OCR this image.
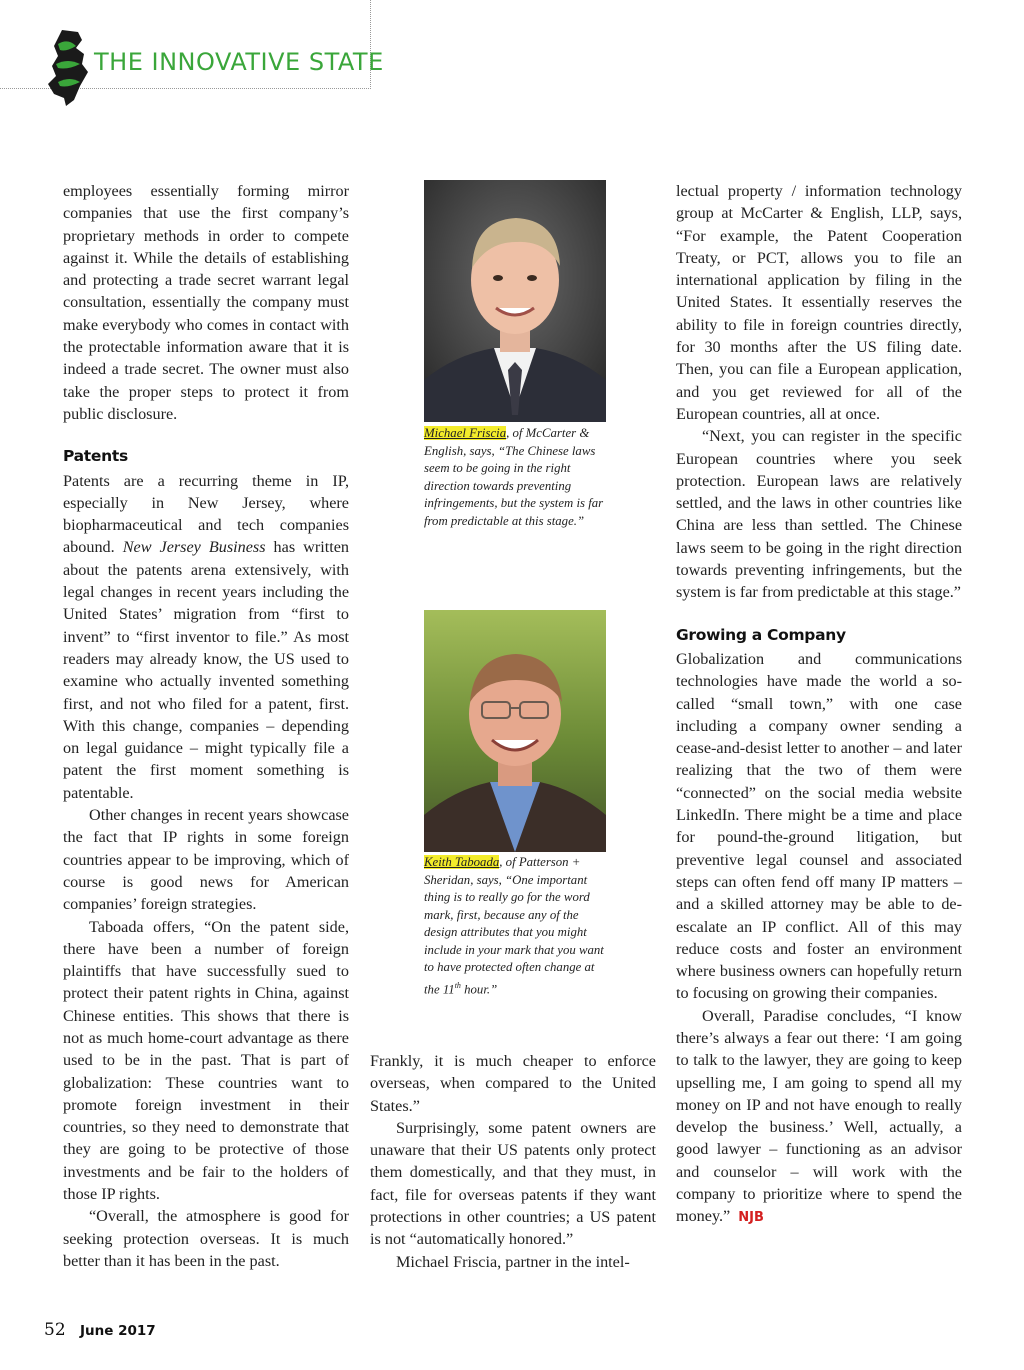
THE INNOVATIVE STATE

employees essentially forming mirror companies that use the first company’s proprietary methods in order to compete against it. While the details of establishing and protecting a trade secret warrant legal consultation, essentially the company must make everybody who comes in contact with the protectable information aware that it is indeed a trade secret. The owner must also take the proper steps to protect it from public disclosure.

Patents

Patents are a recurring theme in IP, especially in New Jersey, where biopharmaceutical and tech companies abound. New Jersey Business has written about the patents arena extensively, with legal changes in recent years including the United States’ migration from “first to invent” to “first inventor to file.” As most readers may already know, the US used to examine who actually invented something first, and not who filed for a patent, first. With this change, companies – depending on legal guidance – might typically file a patent the first moment something is patentable.

Other changes in recent years showcase the fact that IP rights in some foreign countries appear to be improving, which of course is good news for American companies’ foreign strategies.

Taboada offers, “On the patent side, there have been a number of foreign plaintiffs that have successfully sued to protect their patent rights in China, against Chinese entities. This shows that there is not as much home-court advantage as there used to be in the past. That is part of globalization: These countries want to promote foreign investment in their countries, so they need to demonstrate that they are going to be protective of those investments and be fair to the holders of those IP rights.

“Overall, the atmosphere is good for seeking protection overseas. It is much better than it has been in the past.

Michael Friscia, of McCarter & English, says, “The Chinese laws seem to be going in the right direction towards preventing infringements, but the system is far from predictable at this stage.”
Keith Taboada, of Patterson + Sheridan, says, “One important thing is to really go for the word mark, first, because any of the design attributes that you might include in your mark that you want to have protected often change at the 11th hour.”

Frankly, it is much cheaper to enforce overseas, when compared to the United States.”

Surprisingly, some patent owners are unaware that their US patents only protect them domestically, and that they must, in fact, file for overseas patents if they want protections in other countries; a US patent is not “automatically honored.”

Michael Friscia, partner in the intel-

lectual property / information technology group at McCarter & English, LLP, says, “For example, the Patent Cooperation Treaty, or PCT, allows you to file an international application by filing in the United States. It essentially reserves the ability to file in foreign countries directly, for 30 months after the US filing date. Then, you can file a European application, and you get reviewed for all of the European countries, all at once.

“Next, you can register in the specific European countries where you seek protection. European laws are relatively settled, and the laws in other countries like China are less than settled. The Chinese laws seem to be going in the right direction towards preventing infringements, but the system is far from predictable at this stage.”

Growing a Company

Globalization and communications technologies have made the world a so-called “small town,” with one case including a company owner sending a cease-and-desist letter to another – and later realizing that the two of them were “connected” on the social media website LinkedIn. There might be a time and place for pound-the-ground litigation, but preventive legal counsel and associated steps can often fend off many IP matters – and a skilled attorney may be able to de-escalate an IP conflict. All of this may reduce costs and foster an environment where business owners can hopefully return to focusing on growing their companies.

Overall, Paradise concludes, “I know there’s always a fear out there: ‘I am going to talk to the lawyer, they are going to keep upselling me, I am going to spend all my money on IP and not have enough to really develop the business.’ Well, actually, a good lawyer – functioning as an advisor and counselor – will work with the company to prioritize where to spend the money.” NJB

52 June 2017
